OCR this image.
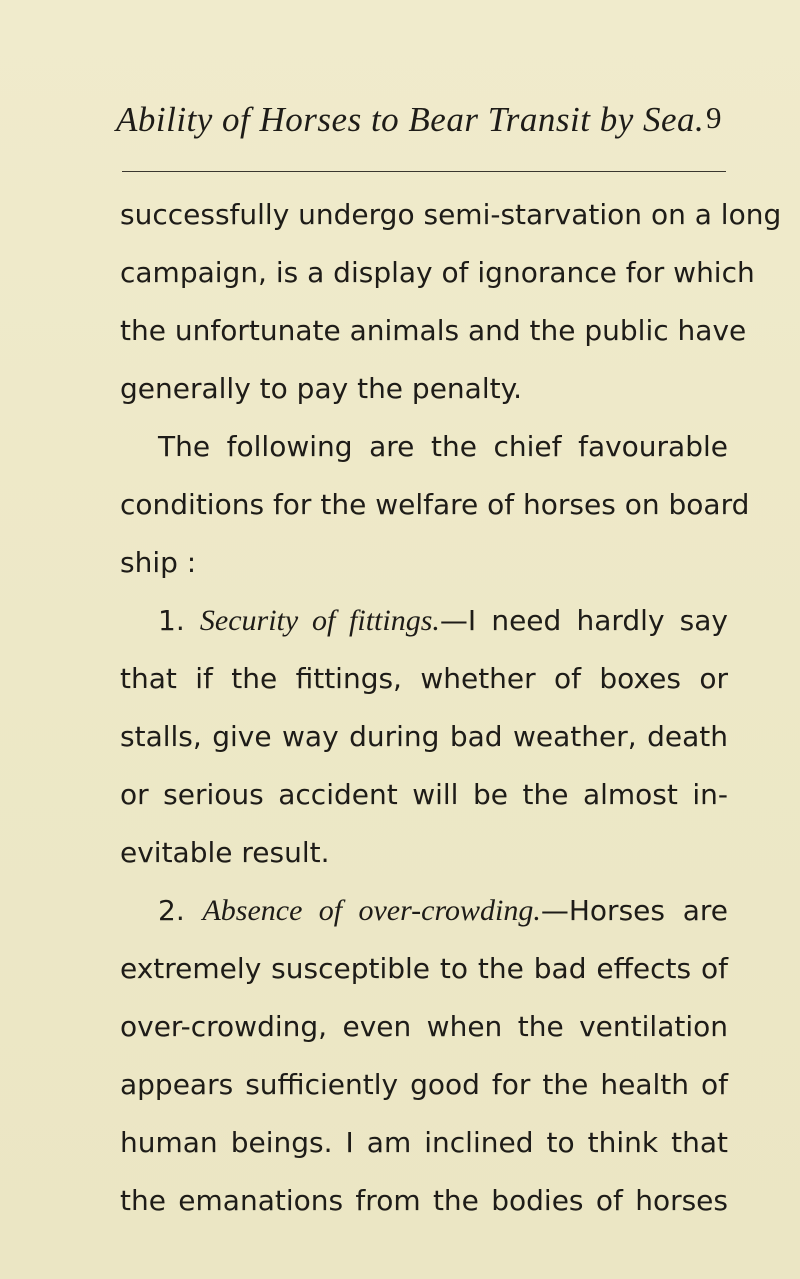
Ability of Horses to Bear Transit by Sea. 9
successfully undergo semi-starvation on a long
campaign, is a display of ignorance for which
the unfortunate animals and the public have
generally to pay the penalty.
The following are the chief favourable
conditions for the welfare of horses on board
ship :
1. Security of fittings.—I need hardly say
that if the fittings, whether of boxes or
stalls, give way during bad weather, death
or serious accident will be the almost in-
evitable result.
2. Absence of over-crowding.—Horses are
extremely susceptible to the bad effects of
over-crowding, even when the ventilation
appears sufficiently good for the health of
human beings. I am inclined to think that
the emanations from the bodies of horses
